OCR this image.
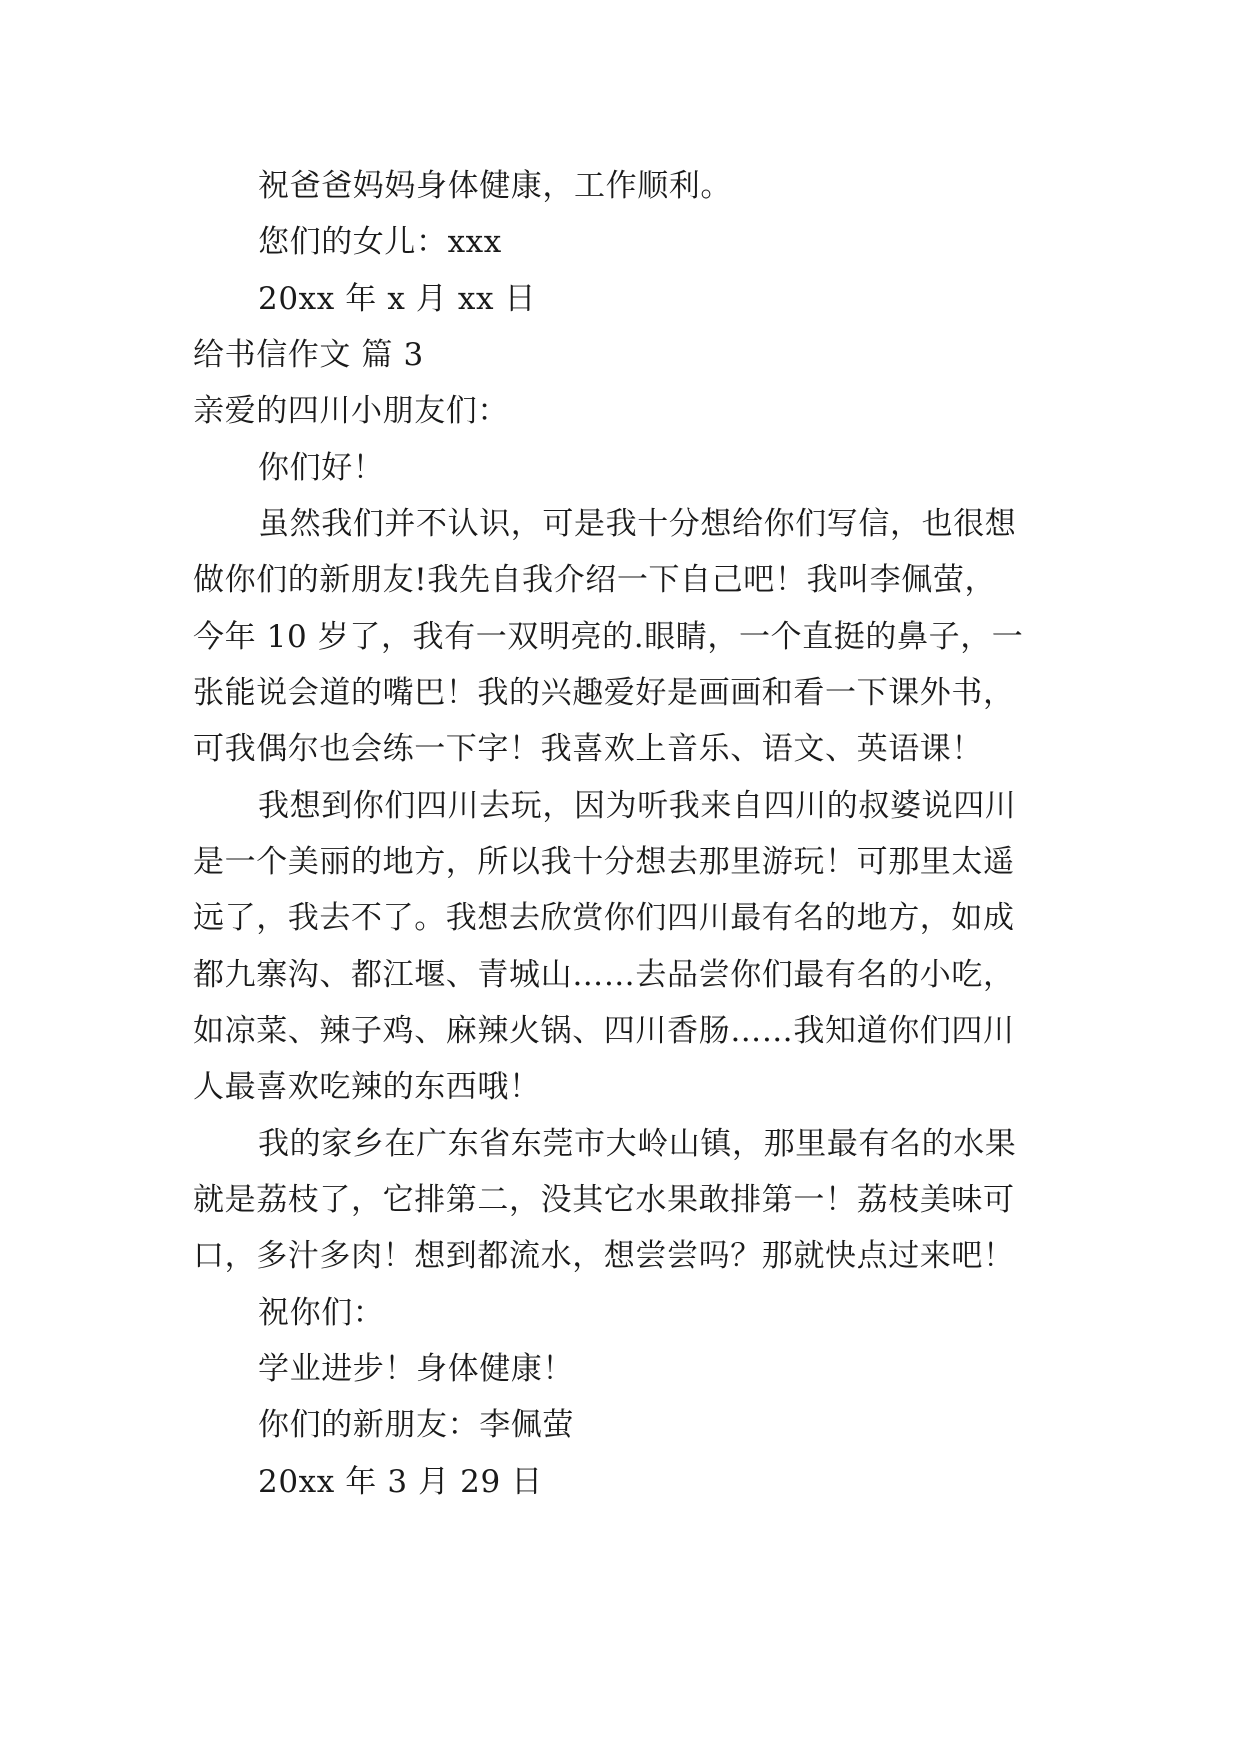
祝爸爸妈妈身体健康，工作顺利。
您们的女儿：xxx
20xx 年 x 月 xx 日
给书信作文 篇 3
亲爱的四川小朋友们：
你们好！
虽然我们并不认识，可是我十分想给你们写信，也很想
做你们的新朋友!我先自我介绍一下自己吧！我叫李佩萤，
今年 10 岁了，我有一双明亮的.眼睛，一个直挺的鼻子，一
张能说会道的嘴巴！我的兴趣爱好是画画和看一下课外书，
可我偶尔也会练一下字！我喜欢上音乐、语文、英语课！
我想到你们四川去玩，因为听我来自四川的叔婆说四川
是一个美丽的地方，所以我十分想去那里游玩！可那里太遥
远了，我去不了。我想去欣赏你们四川最有名的地方，如成
都九寨沟、都江堰、青城山……去品尝你们最有名的小吃，
如凉菜、辣子鸡、麻辣火锅、四川香肠……我知道你们四川
人最喜欢吃辣的东西哦！
我的家乡在广东省东莞市大岭山镇，那里最有名的水果
就是荔枝了，它排第二，没其它水果敢排第一！荔枝美味可
口，多汁多肉！想到都流水，想尝尝吗？那就快点过来吧！
祝你们：
学业进步！身体健康！
你们的新朋友：李佩萤
20xx 年 3 月 29 日
